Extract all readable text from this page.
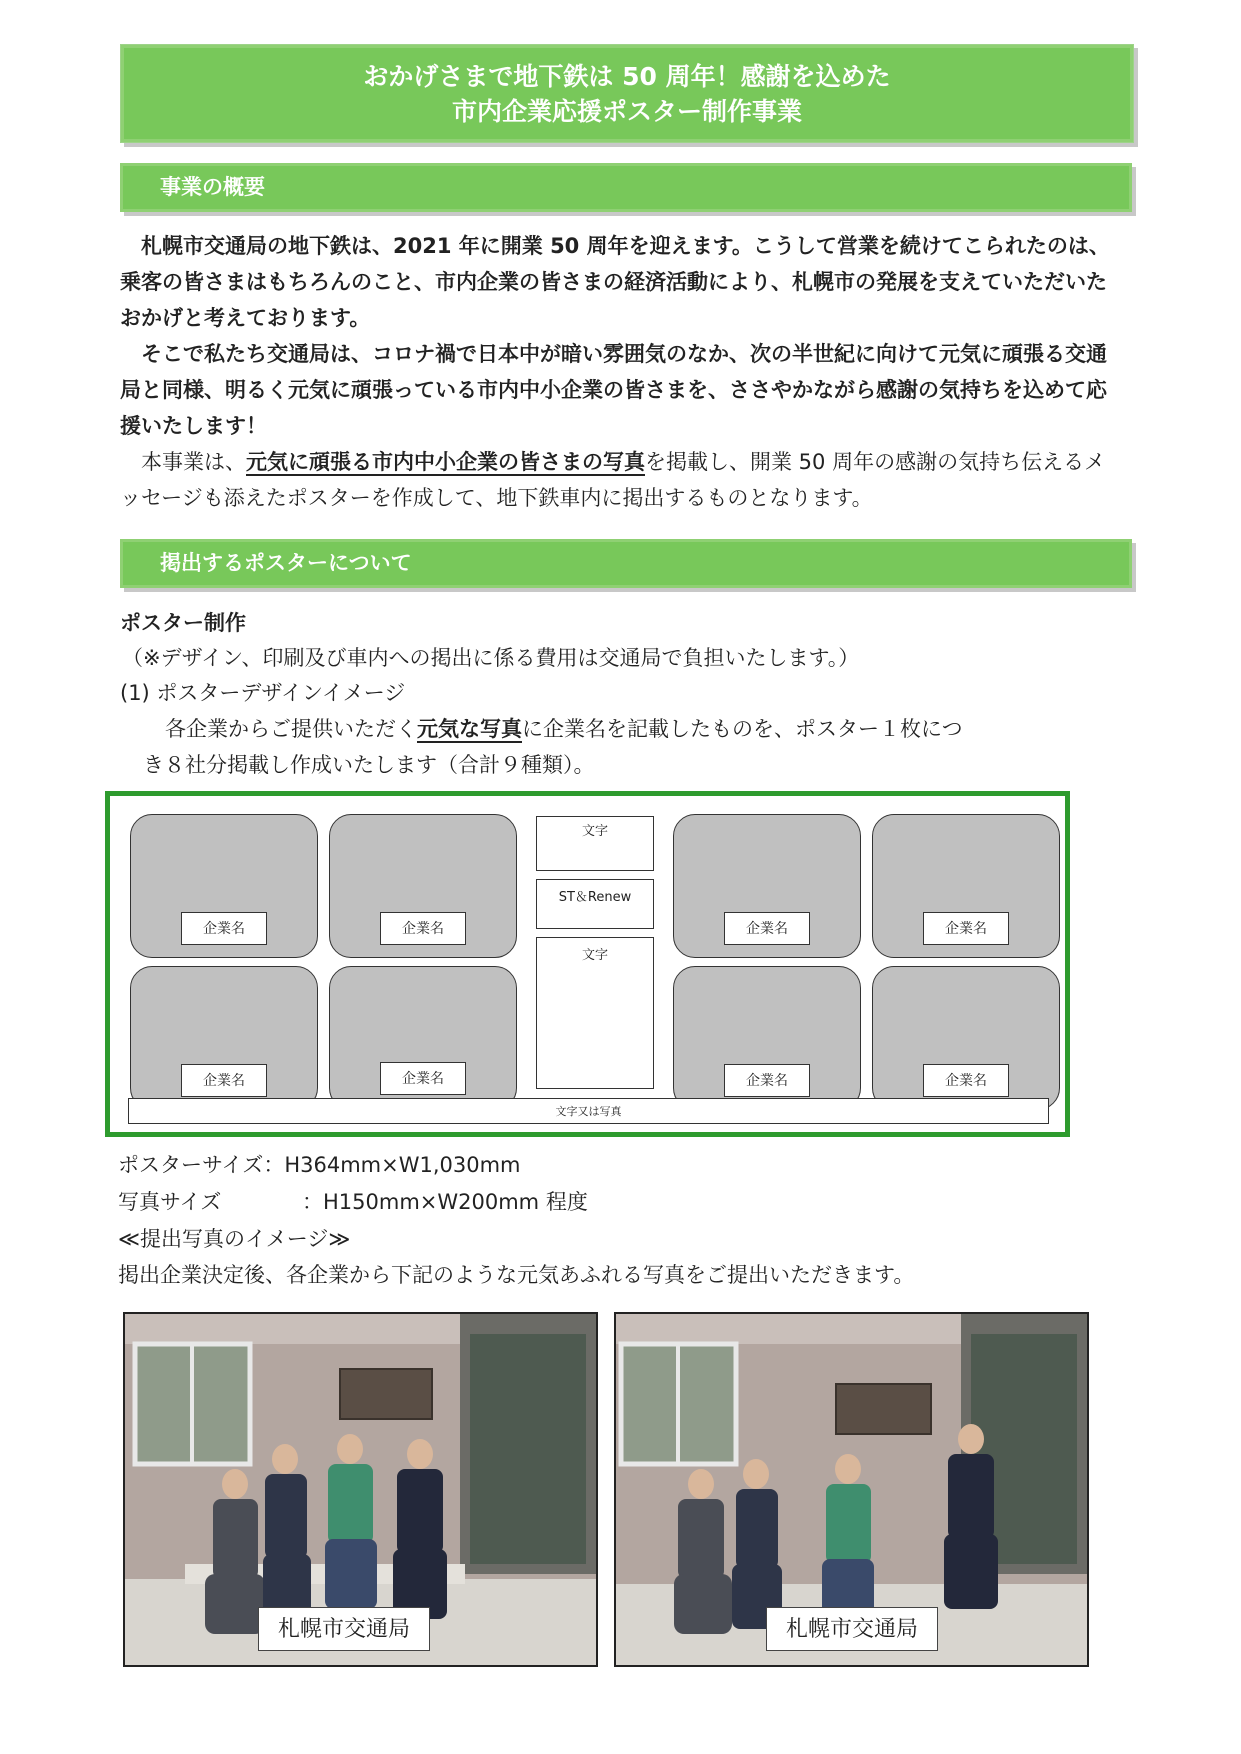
おかげさまで地下鉄は 50 周年！感謝を込めた
市内企業応援ポスター制作事業
事業の概要

札幌市交通局の地下鉄は、2021 年に開業 50 周年を迎えます。こうして営業を続けてこられたのは、乗客の皆さまはもちろんのこと、市内企業の皆さまの経済活動により、札幌市の発展を支えていただいたおかげと考えております。

そこで私たち交通局は、コロナ禍で日本中が暗い雰囲気のなか、次の半世紀に向けて元気に頑張る交通局と同様、明るく元気に頑張っている市内中小企業の皆さまを、ささやかながら感謝の気持ちを込めて応援いたします！

本事業は、元気に頑張る市内中小企業の皆さまの写真を掲載し、開業 50 周年の感謝の気持ち伝えるメッセージも添えたポスターを作成して、地下鉄車内に掲出するものとなります。

掲出するポスターについて
ポスター制作
（※デザイン、印刷及び車内への掲出に係る費用は交通局で負担いたします。）
(1) ポスターデザインイメージ
各企業からご提供いただく元気な写真に企業名を記載したものを、ポスター１枚につ
き８社分掲載し作成いたします（合計９種類）。
企業名	企業名	企業名	企業名
企業名	企業名	企業名	企業名
文字
ST＆Renew
文字
文字又は写真
ポスターサイズ：H364mm×W1,030mm
写真サイズ	：H150mm×W200mm 程度
≪提出写真のイメージ≫
掲出企業決定後、各企業から下記のような元気あふれる写真をご提出いただきます。
札幌市交通局	札幌市交通局
